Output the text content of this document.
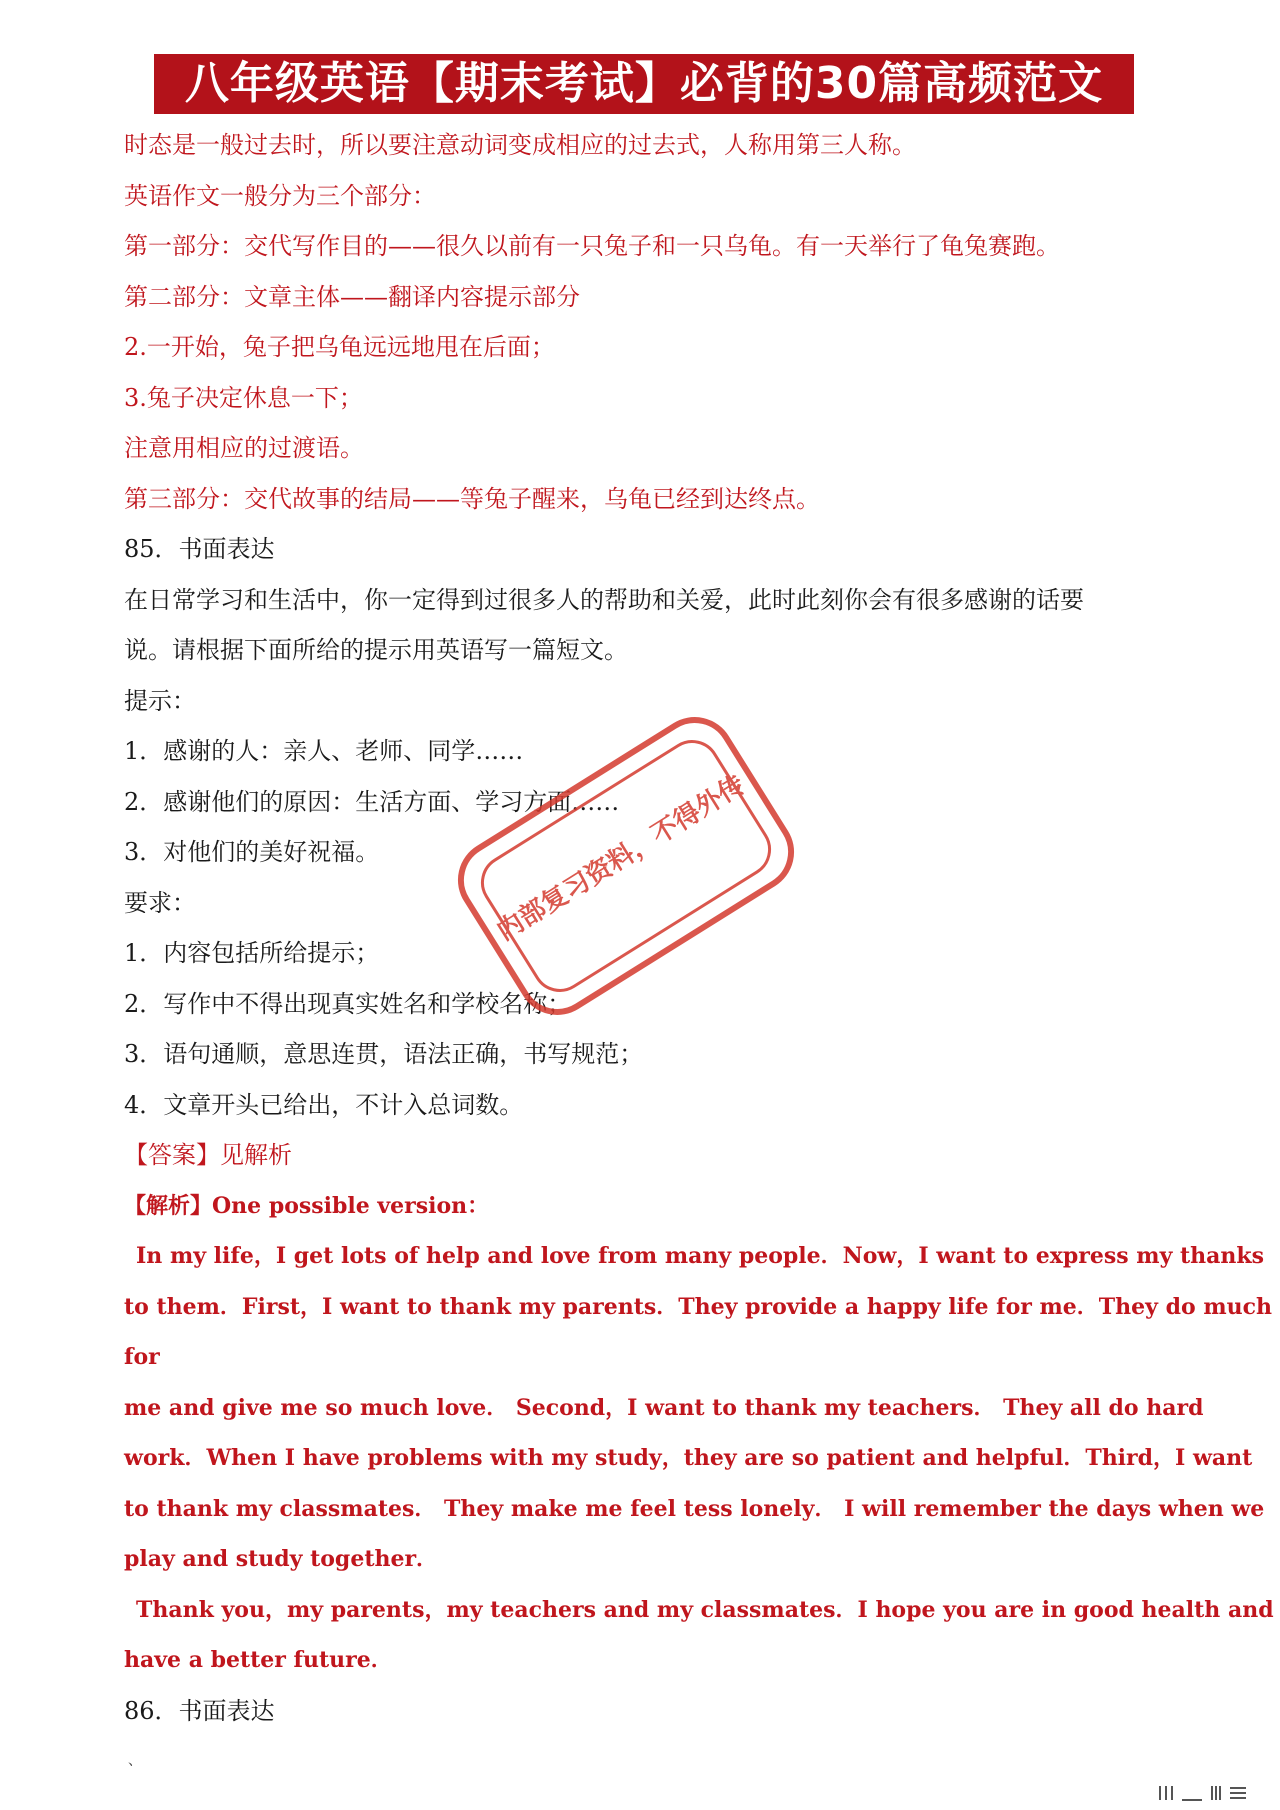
八年级英语【期末考试】必背的30篇高频范文

时态是一般过去时，所以要注意动词变成相应的过去式，人称用第三人称。

英语作文一般分为三个部分：

第一部分：交代写作目的——很久以前有一只兔子和一只乌龟。有一天举行了龟兔赛跑。

第二部分：文章主体——翻译内容提示部分

2.一开始，兔子把乌龟远远地甩在后面；

3.兔子决定休息一下；

注意用相应的过渡语。

第三部分：交代故事的结局——等兔子醒来，乌龟已经到达终点。

85．书面表达

在日常学习和生活中，你一定得到过很多人的帮助和关爱，此时此刻你会有很多感谢的话要

说。请根据下面所给的提示用英语写一篇短文。

提示：

1．感谢的人：亲人、老师、同学……

2．感谢他们的原因：生活方面、学习方面……

3．对他们的美好祝福。

要求：

1．内容包括所给提示；

2．写作中不得出现真实姓名和学校名称；

3．语句通顺，意思连贯，语法正确，书写规范；

4．文章开头已给出，不计入总词数。

【答案】见解析

【解析】One possible version：

In my life，I get lots of help and love from many people．Now，I want to express my thanks

to them．First，I want to thank my parents．They provide a happy life for me．They do much

for

me and give me so much love． Second，I want to thank my teachers． They all do hard

work．When I have problems with my study，they are so patient and helpful．Third，I want

to thank my classmates． They make me feel tess lonely． I will remember the days when we

play and study together．

Thank you，my parents，my teachers and my classmates．I hope you are in good health and

have a better future．

86．书面表达

内部复习资料，不得外传
、
